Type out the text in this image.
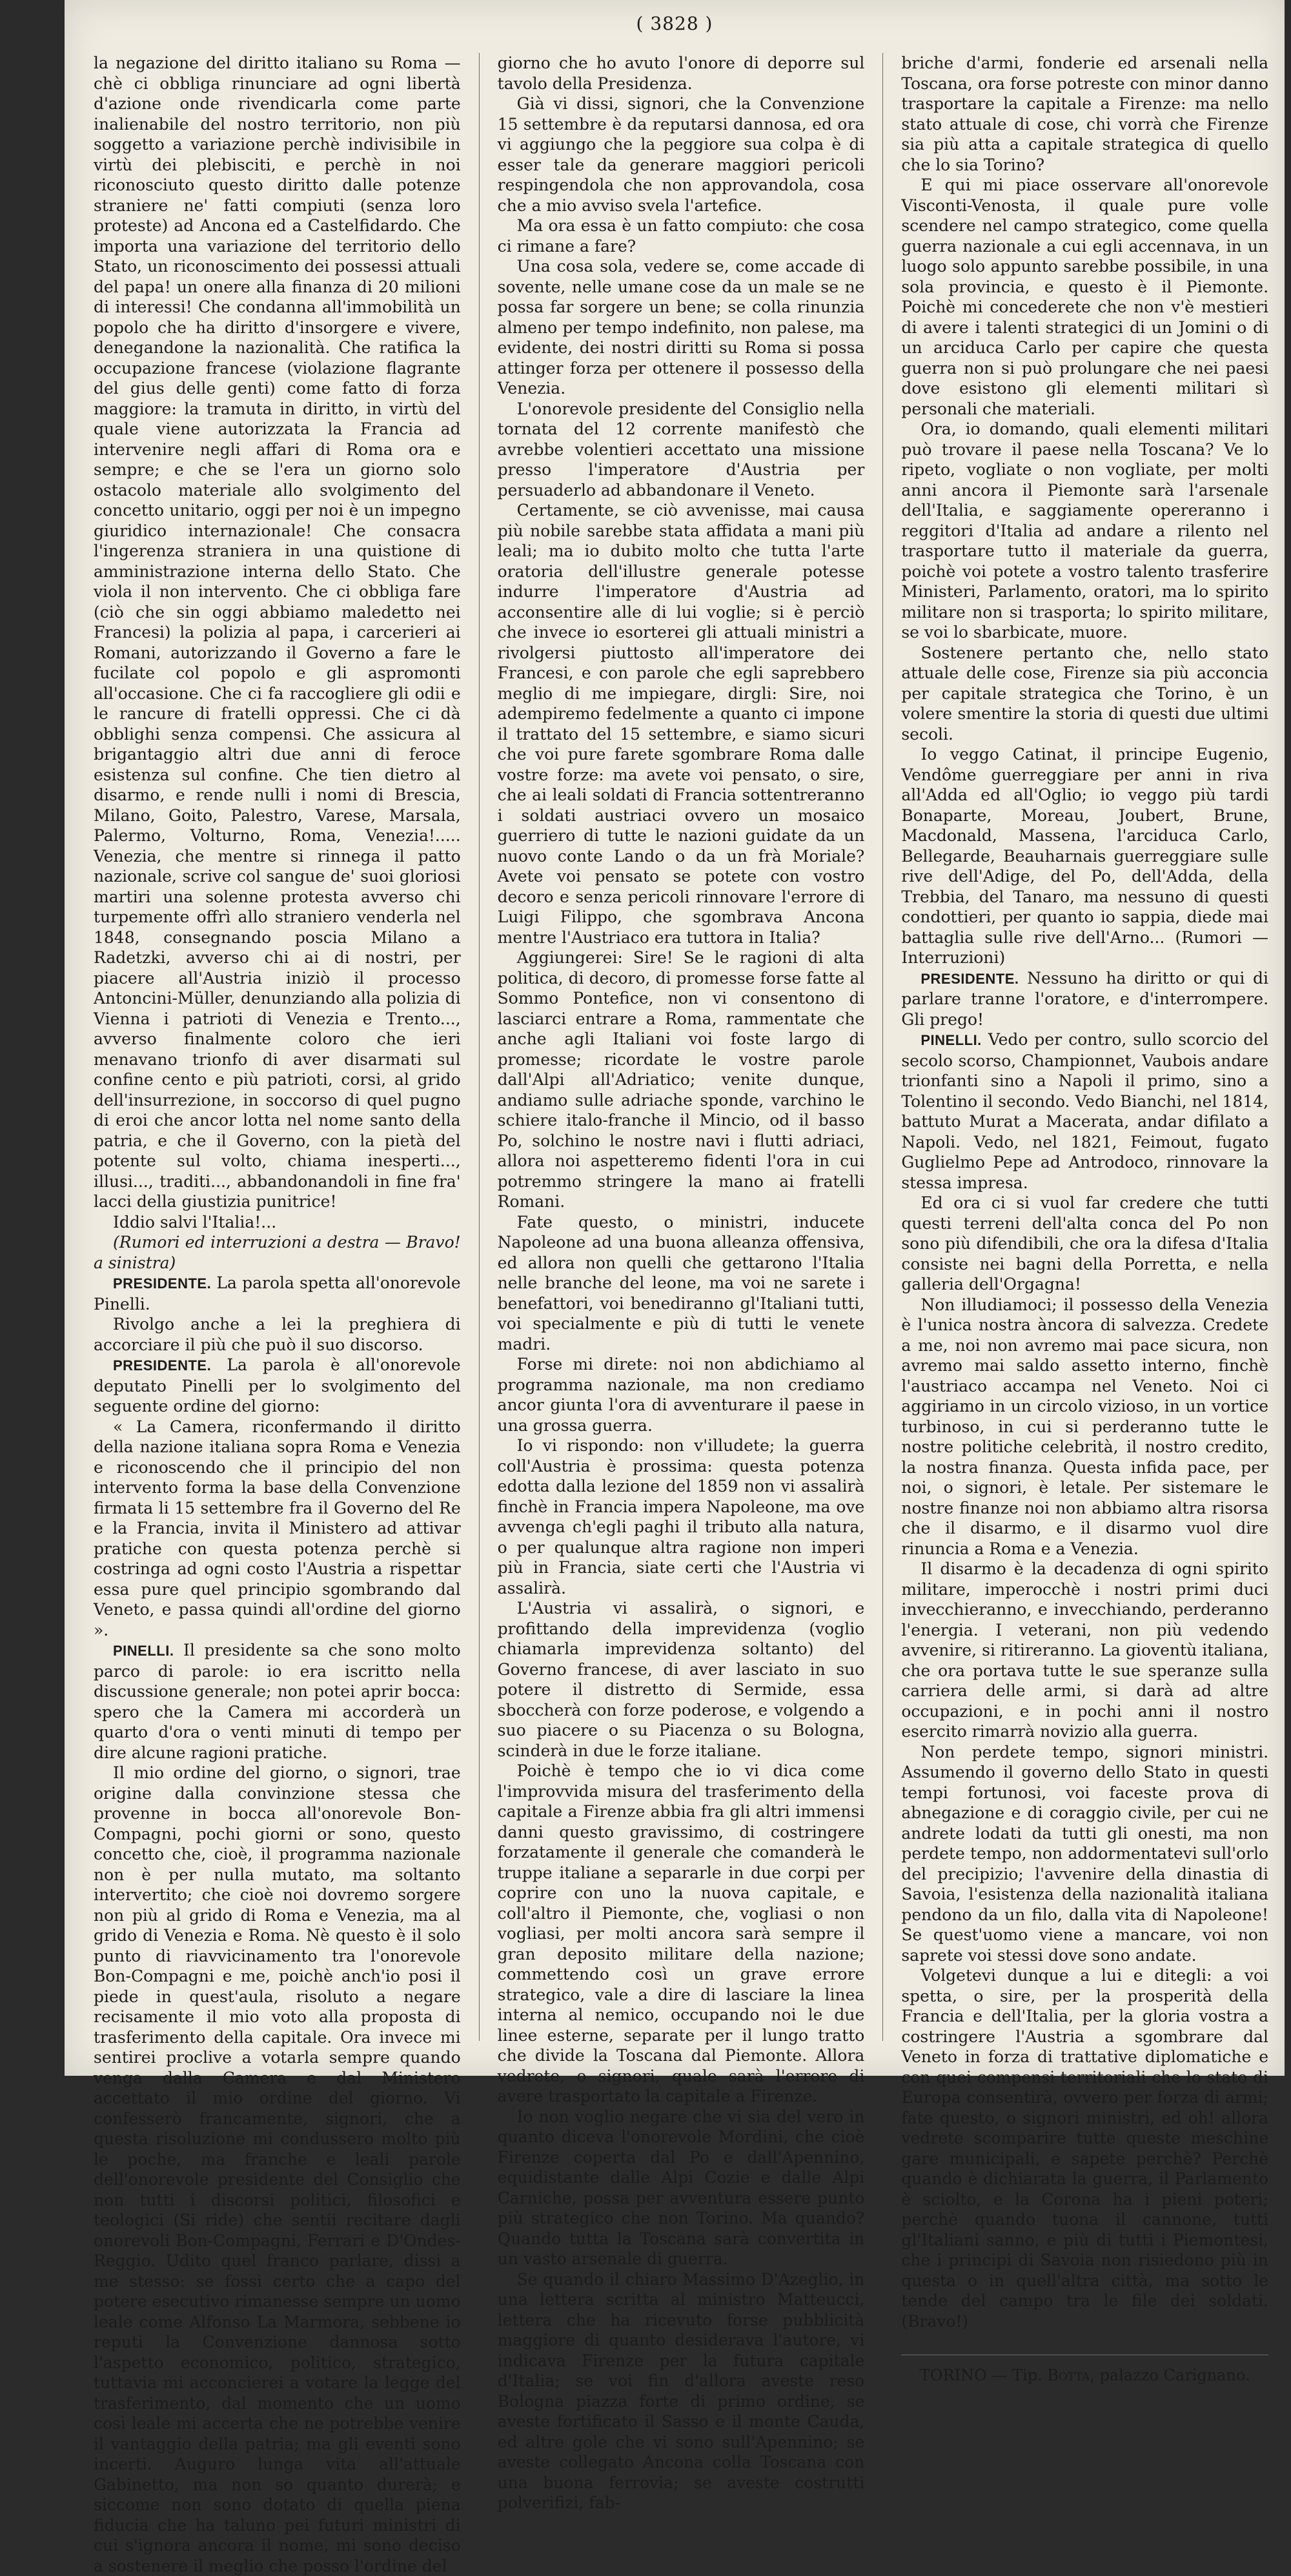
( 3828 )

la negazione del diritto italiano su Roma — chè ci obbliga rinunciare ad ogni libertà d'azione onde rivendicarla come parte inalienabile del nostro territorio, non più soggetto a variazione perchè indivisibile in virtù dei plebisciti, e perchè in noi riconosciuto questo diritto dalle potenze straniere ne' fatti compiuti (senza loro proteste) ad Ancona ed a Castelfidardo. Che importa una variazione del territorio dello Stato, un riconoscimento dei possessi attuali del papa! un onere alla finanza di 20 milioni di interessi! Che condanna all'immobilità un popolo che ha diritto d'insorgere e vivere, denegandone la nazionalità. Che ratifica la occupazione francese (violazione flagrante del gius delle genti) come fatto di forza maggiore: la tramuta in diritto, in virtù del quale viene autorizzata la Francia ad intervenire negli affari di Roma ora e sempre; e che se l'era un giorno solo ostacolo materiale allo svolgimento del concetto unitario, oggi per noi è un impegno giuridico internazionale! Che consacra l'ingerenza straniera in una quistione di amministrazione interna dello Stato. Che viola il non intervento. Che ci obbliga fare (ciò che sin oggi abbiamo maledetto nei Francesi) la polizia al papa, i carcerieri ai Romani, autorizzando il Governo a fare le fucilate col popolo e gli aspromonti all'occasione. Che ci fa raccogliere gli odii e le rancure di fratelli oppressi. Che ci dà obblighi senza compensi. Che assicura al brigantaggio altri due anni di feroce esistenza sul confine. Che tien dietro al disarmo, e rende nulli i nomi di Brescia, Milano, Goito, Palestro, Varese, Marsala, Palermo, Volturno, Roma, Venezia!..... Venezia, che mentre si rinnega il patto nazionale, scrive col sangue de' suoi gloriosi martiri una solenne protesta avverso chi turpemente offrì allo straniero venderla nel 1848, consegnando poscia Milano a Radetzki, avverso chi ai di nostri, per piacere all'Austria iniziò il processo Antoncini-Müller, denunziando alla polizia di Vienna i patrioti di Venezia e Trento..., avverso finalmente coloro che ieri menavano trionfo di aver disarmati sul confine cento e più patrioti, corsi, al grido dell'insurrezione, in soccorso di quel pugno di eroi che ancor lotta nel nome santo della patria, e che il Governo, con la pietà del potente sul volto, chiama inesperti..., illusi..., traditi..., abbandonandoli in fine fra' lacci della giustizia punitrice!

Iddio salvi l'Italia!...

(Rumori ed interruzioni a destra — Bravo! a sinistra)

PRESIDENTE. La parola spetta all'onorevole Pinelli.

Rivolgo anche a lei la preghiera di accorciare il più che può il suo discorso.

PRESIDENTE. La parola è all'onorevole deputato Pinelli per lo svolgimento del seguente ordine del giorno:

« La Camera, riconfermando il diritto della nazione italiana sopra Roma e Venezia e riconoscendo che il principio del non intervento forma la base della Convenzione firmata li 15 settembre fra il Governo del Re e la Francia, invita il Ministero ad attivar pratiche con questa potenza perchè si costringa ad ogni costo l'Austria a rispettar essa pure quel principio sgombrando dal Veneto, e passa quindi all'ordine del giorno ».

PINELLI. Il presidente sa che sono molto parco di parole: io era iscritto nella discussione generale; non potei aprir bocca: spero che la Camera mi accorderà un quarto d'ora o venti minuti di tempo per dire alcune ragioni pratiche.

Il mio ordine del giorno, o signori, trae origine dalla convinzione stessa che provenne in bocca all'onorevole Bon-Compagni, pochi giorni or sono, questo concetto che, cioè, il programma nazionale non è per nulla mutato, ma soltanto intervertito; che cioè noi dovremo sorgere non più al grido di Roma e Venezia, ma al grido di Venezia e Roma. Nè questo è il solo punto di riavvicinamento tra l'onorevole Bon-Compagni e me, poichè anch'io posi il piede in quest'aula, risoluto a negare recisamente il mio voto alla proposta di trasferimento della capitale. Ora invece mi sentirei proclive a votarla sempre quando venga dalla Camera e dal Ministero accettato il mio ordine del giorno. Vi confesserò francamente, signori, che a questa risoluzione mi condussero molto più le poche, ma franche e leali parole dell'onorevole presidente del Consiglio che non tutti i discorsi politici, filosofici e teologici (Si ride) che sentii recitare dagli onorevoli Bon-Compagni, Ferrari e D'Ondes-Reggio. Udito quel franco parlare, dissi a me stesso: se fossi certo che a capo del potere esecutivo rimanesse sempre un uomo leale come Alfonso La Marmora, sebbene io reputi la Convenzione dannosa sotto l'aspetto economico, politico, strategico, tuttavia mi acconcierei a votare la legge del trasferimento, dal momento che un uomo così leale mi accerta che ne potrebbe venire il vantaggio della patria; ma gli eventi sono incerti. Auguro lunga vita all'attuale Gabinetto, ma non so quanto durerà; e siccome non sono dotato di quella piena fiducia che ha taluno pei futuri ministri di cui s'ignora ancora il nome, mi sono deciso a sostenere il meglio che posso l'ordine del

giorno che ho avuto l'onore di deporre sul tavolo della Presidenza.

Già vi dissi, signori, che la Convenzione 15 settembre è da reputarsi dannosa, ed ora vi aggiungo che la peggiore sua colpa è di esser tale da generare maggiori pericoli respingendola che non approvandola, cosa che a mio avviso svela l'artefice.

Ma ora essa è un fatto compiuto: che cosa ci rimane a fare?

Una cosa sola, vedere se, come accade di sovente, nelle umane cose da un male se ne possa far sorgere un bene; se colla rinunzia almeno per tempo indefinito, non palese, ma evidente, dei nostri diritti su Roma si possa attinger forza per ottenere il possesso della Venezia.

L'onorevole presidente del Consiglio nella tornata del 12 corrente manifestò che avrebbe volentieri accettato una missione presso l'imperatore d'Austria per persuaderlo ad abbandonare il Veneto.

Certamente, se ciò avvenisse, mai causa più nobile sarebbe stata affidata a mani più leali; ma io dubito molto che tutta l'arte oratoria dell'illustre generale potesse indurre l'imperatore d'Austria ad acconsentire alle di lui voglie; si è perciò che invece io esorterei gli attuali ministri a rivolgersi piuttosto all'imperatore dei Francesi, e con parole che egli saprebbero meglio di me impiegare, dirgli: Sire, noi adempiremo fedelmente a quanto ci impone il trattato del 15 settembre, e siamo sicuri che voi pure farete sgombrare Roma dalle vostre forze: ma avete voi pensato, o sire, che ai leali soldati di Francia sottentreranno i soldati austriaci ovvero un mosaico guerriero di tutte le nazioni guidate da un nuovo conte Lando o da un frà Moriale? Avete voi pensato se potete con vostro decoro e senza pericoli rinnovare l'errore di Luigi Filippo, che sgombrava Ancona mentre l'Austriaco era tuttora in Italia?

Aggiungerei: Sire! Se le ragioni di alta politica, di decoro, di promesse forse fatte al Sommo Pontefice, non vi consentono di lasciarci entrare a Roma, rammentate che anche agli Italiani voi foste largo di promesse; ricordate le vostre parole dall'Alpi all'Adriatico; venite dunque, andiamo sulle adriache sponde, varchino le schiere italo-franche il Mincio, od il basso Po, solchino le nostre navi i flutti adriaci, allora noi aspetteremo fidenti l'ora in cui potremmo stringere la mano ai fratelli Romani.

Fate questo, o ministri, inducete Napoleone ad una buona alleanza offensiva, ed allora non quelli che gettarono l'Italia nelle branche del leone, ma voi ne sarete i benefattori, voi benediranno gl'Italiani tutti, voi specialmente e più di tutti le venete madri.

Forse mi direte: noi non abdichiamo al programma nazionale, ma non crediamo ancor giunta l'ora di avventurare il paese in una grossa guerra.

Io vi rispondo: non v'illudete; la guerra coll'Austria è prossima: questa potenza edotta dalla lezione del 1859 non vi assalirà finchè in Francia impera Napoleone, ma ove avvenga ch'egli paghi il tributo alla natura, o per qualunque altra ragione non imperi più in Francia, siate certi che l'Austria vi assalirà.

L'Austria vi assalirà, o signori, e profittando della imprevidenza (voglio chiamarla imprevidenza soltanto) del Governo francese, di aver lasciato in suo potere il distretto di Sermide, essa sboccherà con forze poderose, e volgendo a suo piacere o su Piacenza o su Bologna, scinderà in due le forze italiane.

Poichè è tempo che io vi dica come l'improvvida misura del trasferimento della capitale a Firenze abbia fra gli altri immensi danni questo gravissimo, di costringere forzatamente il generale che comanderà le truppe italiane a separarle in due corpi per coprire con uno la nuova capitale, e coll'altro il Piemonte, che, vogliasi o non vogliasi, per molti ancora sarà sempre il gran deposito militare della nazione; commettendo così un grave errore strategico, vale a dire di lasciare la linea interna al nemico, occupando noi le due linee esterne, separate per il lungo tratto che divide la Toscana dal Piemonte. Allora vedrete, o signori, quale sarà l'errore di avere trasportato la capitale a Firenze.

Io non voglio negare che vi sia del vero in quanto diceva l'onorevole Mordini, che cioè Firenze coperta dal Po e dall'Apennino, equidistante dalle Alpi Cozie e dalle Alpi Carniche, possa per avventura essere punto più strategico che non Torino. Ma quando? Quando tutta la Toscana sarà convertita in un vasto arsenale di guerra.

Se quando il chiaro Massimo D'Azeglio, in una lettera scritta al ministro Matteucci, lettera che ha ricevuto forse pubblicità maggiore di quanto desiderava l'autore, vi indicava Firenze per la futura capitale d'Italia; se voi fin d'allora aveste reso Bologna piazza forte di primo ordine, se aveste fortificato il Sasso e il monte Cauda, ed altre gole che vi sono sull'Apennino; se aveste collegato Ancona colla Toscana con una buona ferrovia; se aveste costrutti polverifizi, fab-

briche d'armi, fonderie ed arsenali nella Toscana, ora forse potreste con minor danno trasportare la capitale a Firenze: ma nello stato attuale di cose, chi vorrà che Firenze sia più atta a capitale strategica di quello che lo sia Torino?

E qui mi piace osservare all'onorevole Visconti-Venosta, il quale pure volle scendere nel campo strategico, come quella guerra nazionale a cui egli accennava, in un luogo solo appunto sarebbe possibile, in una sola provincia, e questo è il Piemonte. Poichè mi concederete che non v'è mestieri di avere i talenti strategici di un Jomini o di un arciduca Carlo per capire che questa guerra non si può prolungare che nei paesi dove esistono gli elementi militari sì personali che materiali.

Ora, io domando, quali elementi militari può trovare il paese nella Toscana? Ve lo ripeto, vogliate o non vogliate, per molti anni ancora il Piemonte sarà l'arsenale dell'Italia, e saggiamente opereranno i reggitori d'Italia ad andare a rilento nel trasportare tutto il materiale da guerra, poichè voi potete a vostro talento trasferire Ministeri, Parlamento, oratori, ma lo spirito militare non si trasporta; lo spirito militare, se voi lo sbarbicate, muore.

Sostenere pertanto che, nello stato attuale delle cose, Firenze sia più acconcia per capitale strategica che Torino, è un volere smentire la storia di questi due ultimi secoli.

Io veggo Catinat, il principe Eugenio, Vendôme guerreggiare per anni in riva all'Adda ed all'Oglio; io veggo più tardi Bonaparte, Moreau, Joubert, Brune, Macdonald, Massena, l'arciduca Carlo, Bellegarde, Beauharnais guerreggiare sulle rive dell'Adige, del Po, dell'Adda, della Trebbia, del Tanaro, ma nessuno di questi condottieri, per quanto io sappia, diede mai battaglia sulle rive dell'Arno... (Rumori — Interruzioni)

PRESIDENTE. Nessuno ha diritto or qui di parlare tranne l'oratore, e d'interrompere. Gli prego!

PINELLI. Vedo per contro, sullo scorcio del secolo scorso, Championnet, Vaubois andare trionfanti sino a Napoli il primo, sino a Tolentino il secondo. Vedo Bianchi, nel 1814, battuto Murat a Macerata, andar difilato a Napoli. Vedo, nel 1821, Feimout, fugato Guglielmo Pepe ad Antrodoco, rinnovare la stessa impresa.

Ed ora ci si vuol far credere che tutti questi terreni dell'alta conca del Po non sono più difendibili, che ora la difesa d'Italia consiste nei bagni della Porretta, e nella galleria dell'Orgagna!

Non illudiamoci; il possesso della Venezia è l'unica nostra àncora di salvezza. Credete a me, noi non avremo mai pace sicura, non avremo mai saldo assetto interno, finchè l'austriaco accampa nel Veneto. Noi ci aggiriamo in un circolo vizioso, in un vortice turbinoso, in cui si perderanno tutte le nostre politiche celebrità, il nostro credito, la nostra finanza. Questa infida pace, per noi, o signori, è letale. Per sistemare le nostre finanze noi non abbiamo altra risorsa che il disarmo, e il disarmo vuol dire rinuncia a Roma e a Venezia.

Il disarmo è la decadenza di ogni spirito militare, imperocchè i nostri primi duci invecchieranno, e invecchiando, perderanno l'energia. I veterani, non più vedendo avvenire, si ritireranno. La gioventù italiana, che ora portava tutte le sue speranze sulla carriera delle armi, si darà ad altre occupazioni, e in pochi anni il nostro esercito rimarrà novizio alla guerra.

Non perdete tempo, signori ministri. Assumendo il governo dello Stato in questi tempi fortunosi, voi faceste prova di abnegazione e di coraggio civile, per cui ne andrete lodati da tutti gli onesti, ma non perdete tempo, non addormentatevi sull'orlo del precipizio; l'avvenire della dinastia di Savoia, l'esistenza della nazionalità italiana pendono da un filo, dalla vita di Napoleone! Se quest'uomo viene a mancare, voi non saprete voi stessi dove sono andate.

Volgetevi dunque a lui e ditegli: a voi spetta, o sire, per la prosperità della Francia e dell'Italia, per la gloria vostra a costringere l'Austria a sgombrare dal Veneto in forza di trattative diplomatiche e con quei compensi territoriali che lo stato di Europa consentirà, ovvero per forza di armi; fate questo, o signori ministri, ed oh! allora vedrete scomparire tutte queste meschine gare municipali, e sapete perchè? Perchè quando è dichiarata la guerra, il Parlamento è sciolto, e la Corona ha i pieni poteri; perchè quando tuona il cannone, tutti gl'Italiani sanno, e più di tutti i Piemontesi, che i principi di Savoia non risiedono più in questa o in quell'altra città, ma sotto le tende del campo tra le file dei soldati. (Bravo!)

TORINO — Tip. Botta, palazzo Carignano.
